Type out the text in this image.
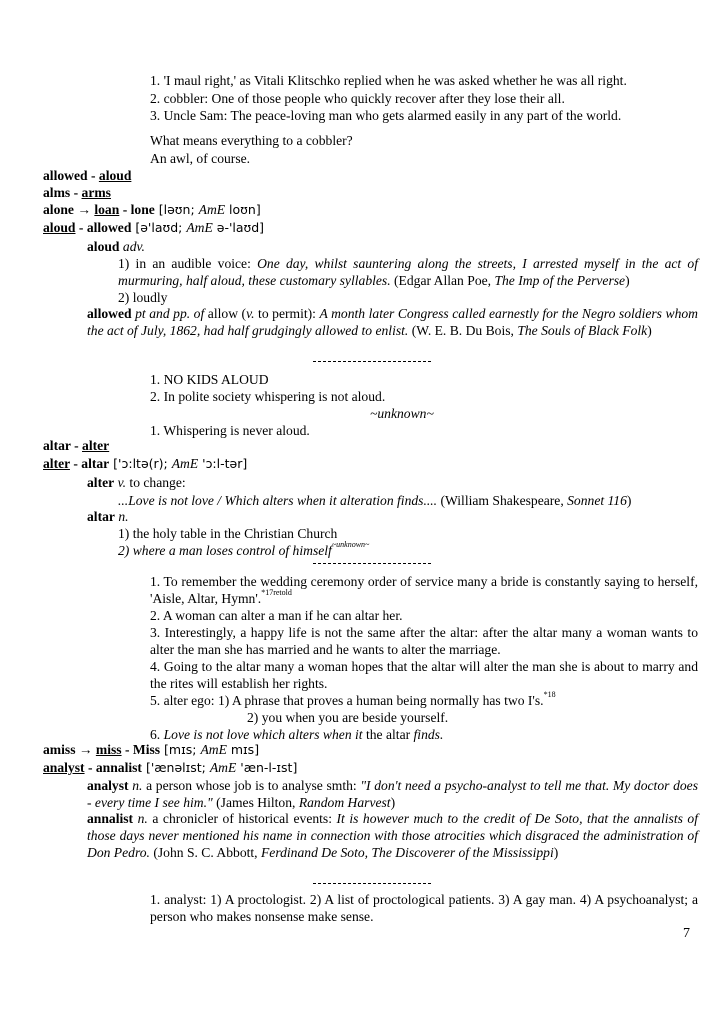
1. 'I maul right,' as Vitali Klitschko replied when he was asked whether he was all right.
2. cobbler: One of those people who quickly recover after they lose their all.
3. Uncle Sam: The peace-loving man who gets alarmed easily in any part of the world.
What means everything to a cobbler?
An awl, of course.
allowed - aloud
alms - arms
alone → loan - lone [ləʊn; AmE loʊn]
aloud - allowed [ə'laʊd; AmE ə-'laʊd]
aloud adv.
1) in an audible voice: One day, whilst sauntering along the streets, I arrested myself in the act of murmuring, half aloud, these customary syllables. (Edgar Allan Poe, The Imp of the Perverse)
2) loudly
allowed pt and pp. of allow (v. to permit): A month later Congress called earnestly for the Negro soldiers whom the act of July, 1862, had half grudgingly allowed to enlist. (W. E. B. Du Bois, The Souls of Black Folk)
1. NO KIDS ALOUD
2. In polite society whispering is not aloud.
~unknown~
1. Whispering is never aloud.
altar - alter
alter - altar ['ɔ:ltə(r); AmE 'ɔ:l-tər]
alter v. to change:
...Love is not love / Which alters when it alteration finds.... (William Shakespeare, Sonnet 116)
altar n.
1) the holy table in the Christian Church
2) where a man loses control of himself$^{\sim unknown\sim}$
1. To remember the wedding ceremony order of service many a bride is constantly saying to herself, 'Aisle, Altar, Hymn'.$^{*17retold}$
2. A woman can alter a man if he can altar her.
3. Interestingly, a happy life is not the same after the altar: after the altar many a woman wants to alter the man she has married and he wants to alter the marriage.
4. Going to the altar many a woman hopes that the altar will alter the man she is about to marry and the rites will establish her rights.
5. alter ego: 1) A phrase that proves a human being normally has two I's.$^{*18}$
2) you when you are beside yourself.
6. Love is not love which alters when it the altar finds.
amiss → miss - Miss [mɪs; AmE mɪs]
analyst - annalist ['ænəlɪst; AmE 'æn-l-ɪst]
analyst n. a person whose job is to analyse smth: "I don't need a psycho-analyst to tell me that. My doctor does - every time I see him." (James Hilton, Random Harvest)
annalist n. a chronicler of historical events: It is however much to the credit of De Soto, that the annalists of those days never mentioned his name in connection with those atrocities which disgraced the administration of Don Pedro. (John S. C. Abbott, Ferdinand De Soto, The Discoverer of the Mississippi)
1. analyst: 1) A proctologist. 2) A list of proctological patients. 3) A gay man. 4) A psychoanalyst; a person who makes nonsense make sense.
7
